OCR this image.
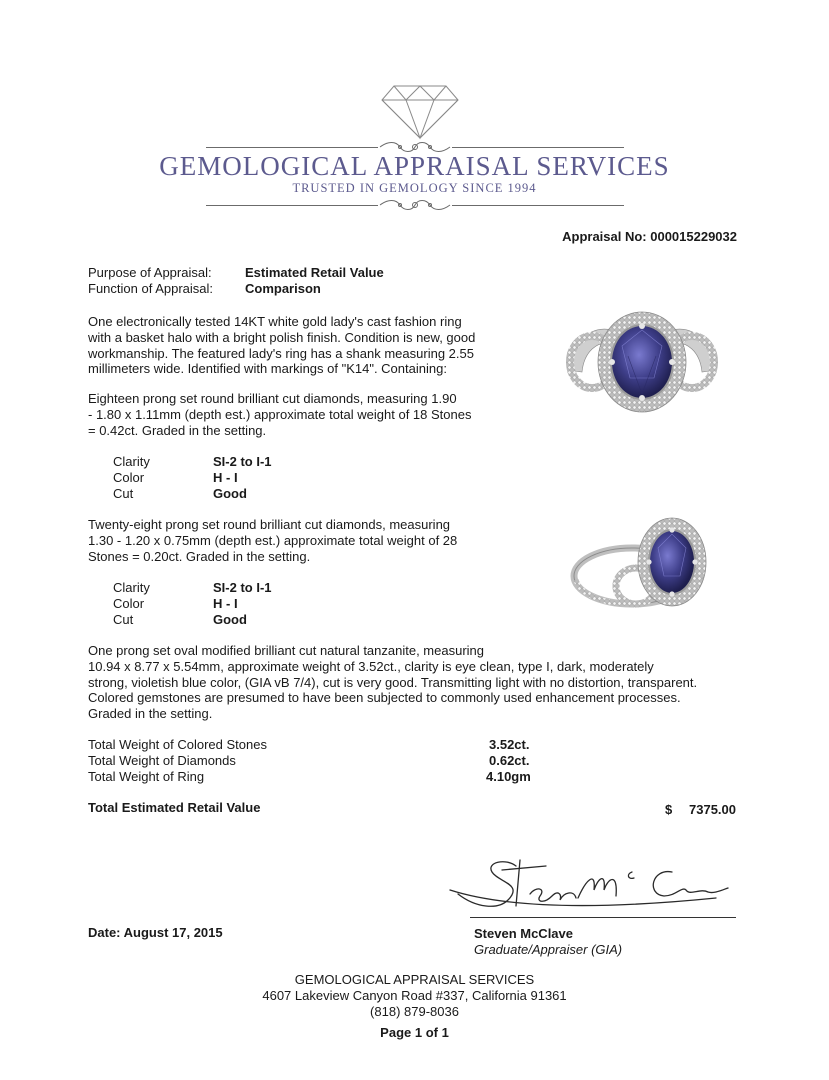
GEMOLOGICAL APPRAISAL SERVICES
TRUSTED IN GEMOLOGY SINCE 1994
Appraisal No: 000015229032
Purpose of Appraisal:	Estimated Retail Value
Function of Appraisal: Comparison
One electronically tested 14KT white gold lady's cast fashion ring
with a basket halo with a bright polish finish. Condition is new, good
workmanship. The featured lady's ring has a shank measuring 2.55
millimeters wide. Identified with markings of "K14". Containing:
Eighteen prong set round brilliant cut diamonds, measuring 1.90
- 1.80 x 1.11mm (depth est.) approximate total weight of 18 Stones
= 0.42ct. Graded in the setting.
Clarity	SI-2 to I-1
Color	H - I
Cut	Good
Twenty-eight prong set round brilliant cut diamonds, measuring
1.30 - 1.20 x 0.75mm (depth est.) approximate total weight of 28
Stones = 0.20ct. Graded in the setting.
Clarity	SI-2 to I-1
Color	H - I
Cut	Good
One prong set oval modified brilliant cut natural tanzanite, measuring
10.94 x 8.77 x 5.54mm, approximate weight of 3.52ct., clarity is eye clean, type I, dark, moderately
strong, violetish blue color, (GIA vB 7/4), cut is very good. Transmitting light with no distortion, transparent.
Colored gemstones are presumed to have been subjected to commonly used enhancement processes.
Graded in the setting.
Total Weight of Colored Stones	3.52ct.
Total Weight of Diamonds	0.62ct.
Total Weight of Ring	4.10gm
Total Estimated Retail Value	$ 7375.00
Date: August 17, 2015	Steven McClave
Graduate/Appraiser (GIA)
GEMOLOGICAL APPRAISAL SERVICES
4607 Lakeview Canyon Road #337, California 91361
(818) 879-8036
Page 1 of 1
